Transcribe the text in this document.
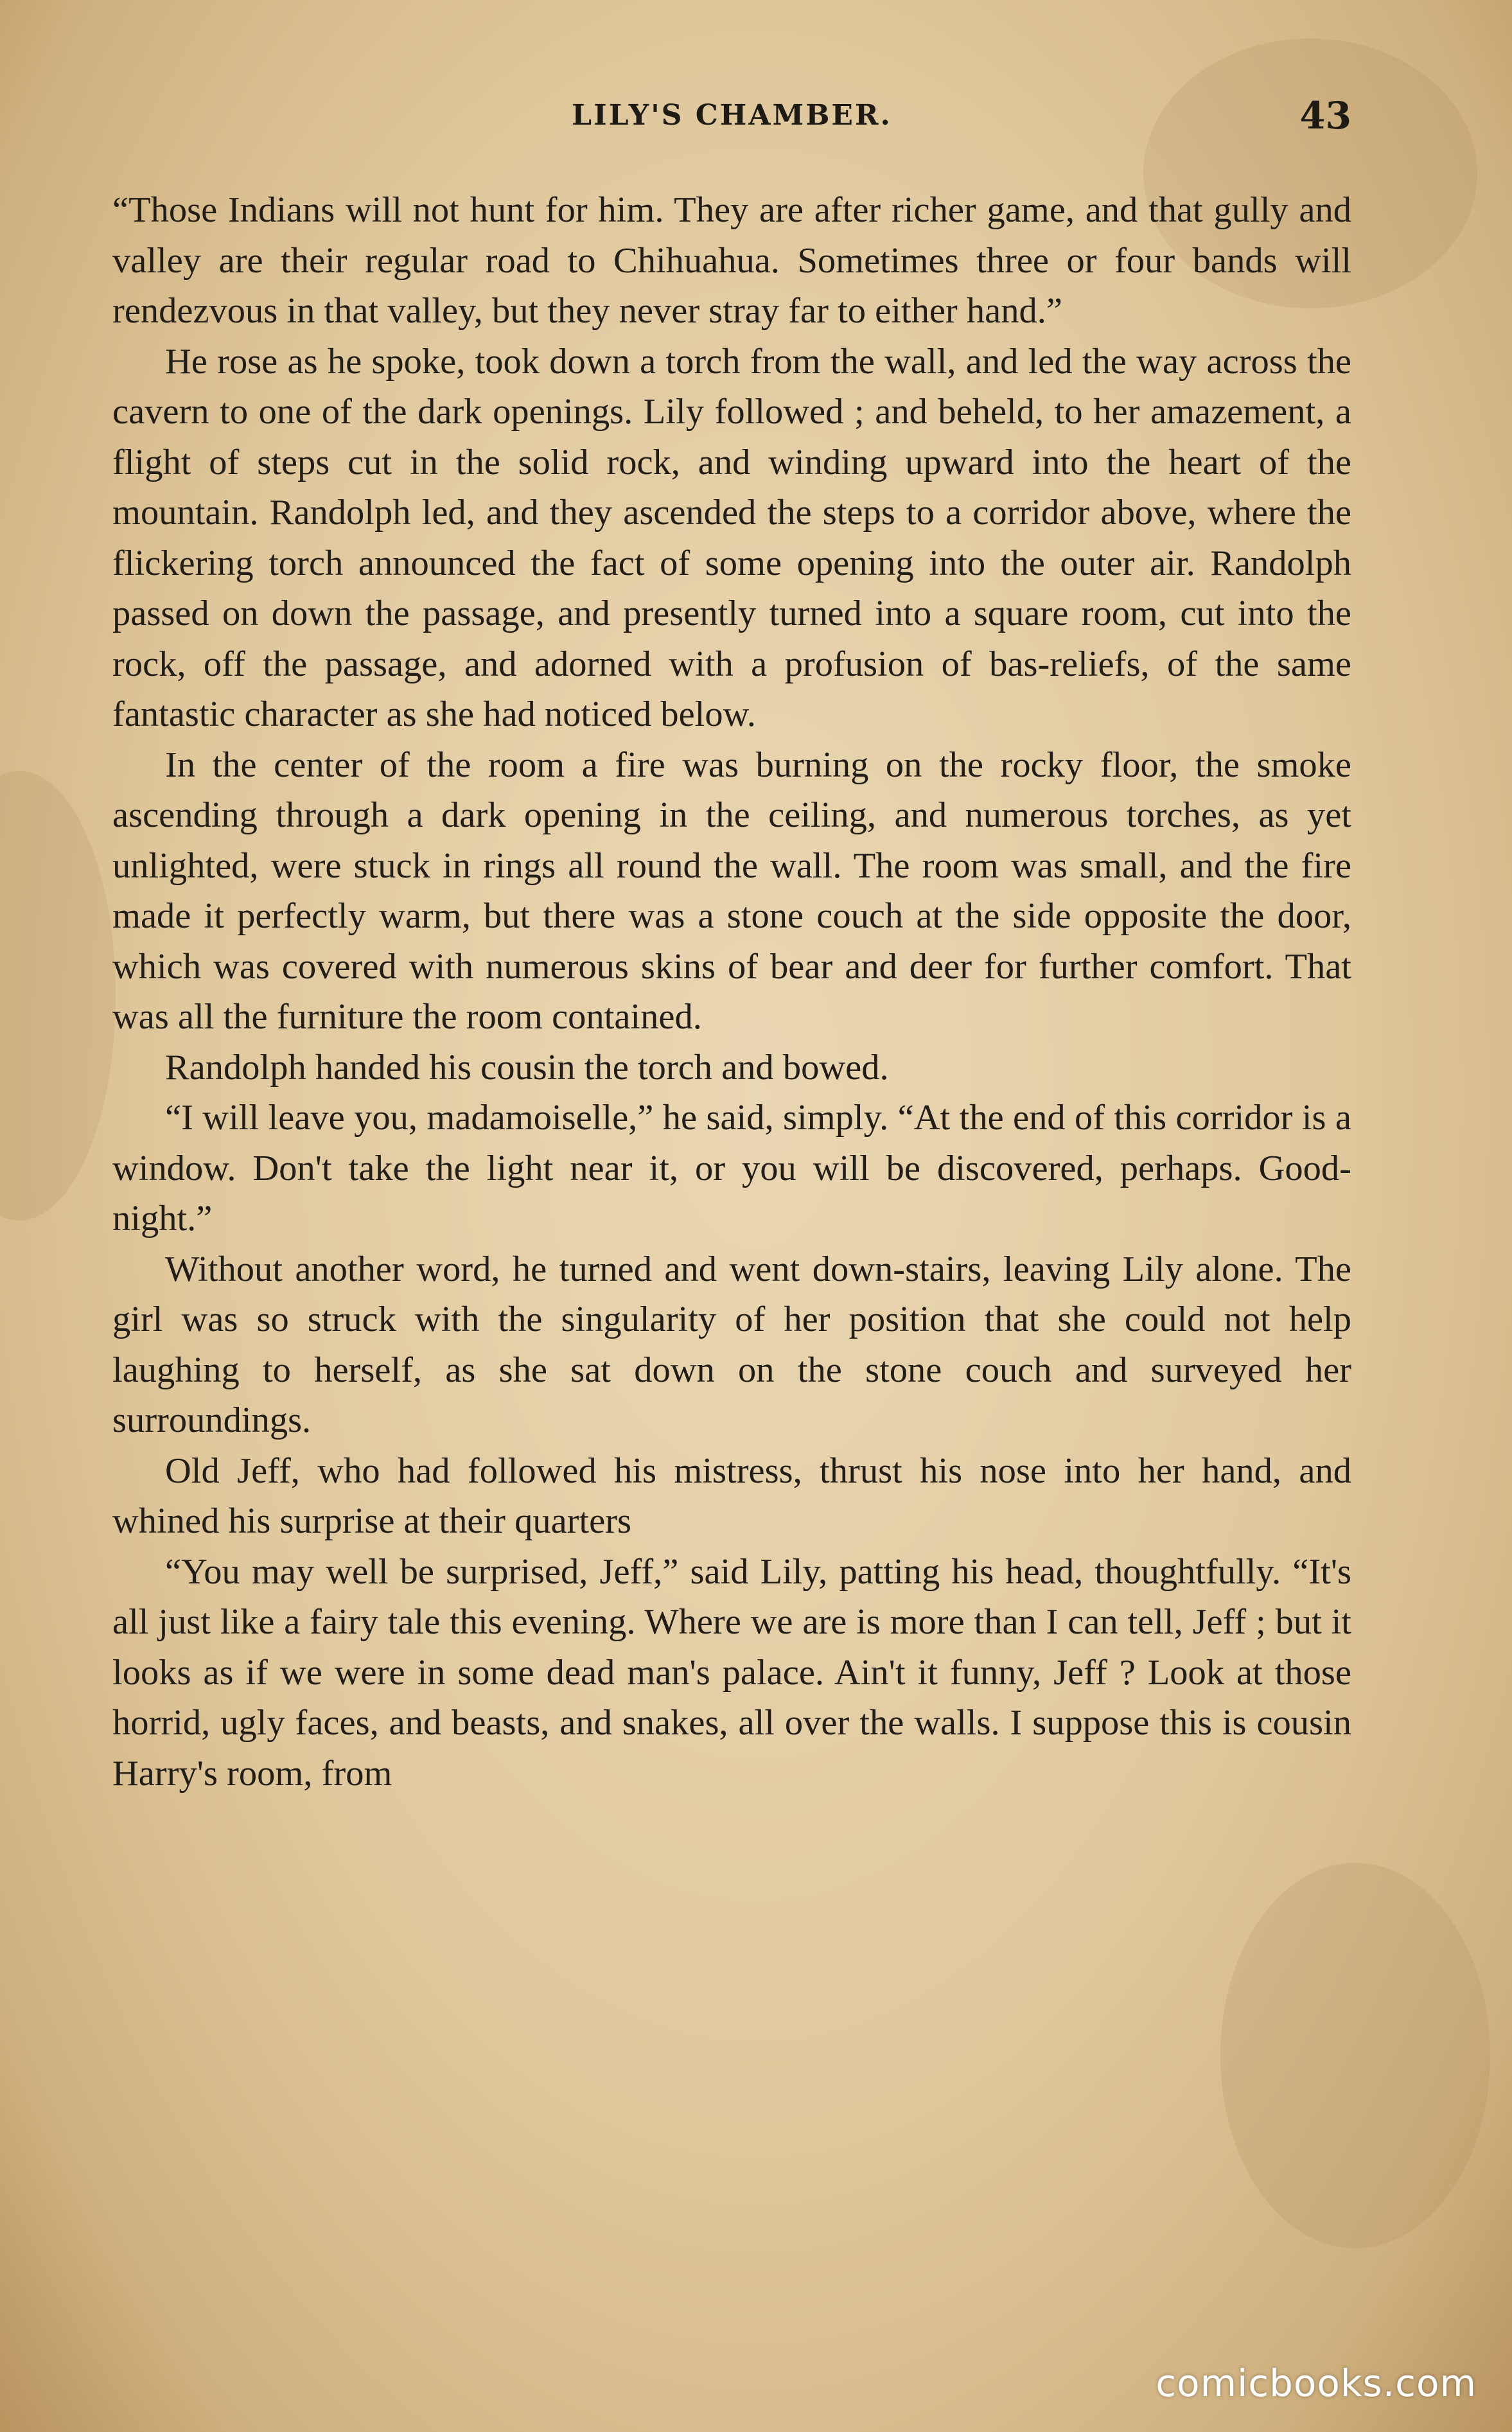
LILY'S CHAMBER.	43

“Those Indians will not hunt for him. They are after richer game, and that gully and valley are their regular road to Chihuahua. Sometimes three or four bands will rendezvous in that valley, but they never stray far to either hand.”

He rose as he spoke, took down a torch from the wall, and led the way across the cavern to one of the dark openings. Lily followed ; and beheld, to her amazement, a flight of steps cut in the solid rock, and winding upward into the heart of the mountain. Randolph led, and they ascended the steps to a corridor above, where the flickering torch announced the fact of some opening into the outer air. Randolph passed on down the passage, and presently turned into a square room, cut into the rock, off the passage, and adorned with a profusion of bas-reliefs, of the same fantastic character as she had noticed below.

In the center of the room a fire was burning on the rocky floor, the smoke ascending through a dark opening in the ceiling, and numerous torches, as yet unlighted, were stuck in rings all round the wall. The room was small, and the fire made it perfectly warm, but there was a stone couch at the side opposite the door, which was covered with numerous skins of bear and deer for further comfort. That was all the furniture the room contained.

Randolph handed his cousin the torch and bowed.

“I will leave you, madamoiselle,” he said, simply. “At the end of this corridor is a window. Don't take the light near it, or you will be discovered, perhaps. Good-night.”

Without another word, he turned and went down-stairs, leaving Lily alone. The girl was so struck with the singularity of her position that she could not help laughing to herself, as she sat down on the stone couch and surveyed her surroundings.

Old Jeff, who had followed his mistress, thrust his nose into her hand, and whined his surprise at their quarters

“You may well be surprised, Jeff,” said Lily, patting his head, thoughtfully. “It's all just like a fairy tale this evening. Where we are is more than I can tell, Jeff ; but it looks as if we were in some dead man's palace. Ain't it funny, Jeff ? Look at those horrid, ugly faces, and beasts, and snakes, all over the walls. I suppose this is cousin Harry's room, from

comicbooks.com
